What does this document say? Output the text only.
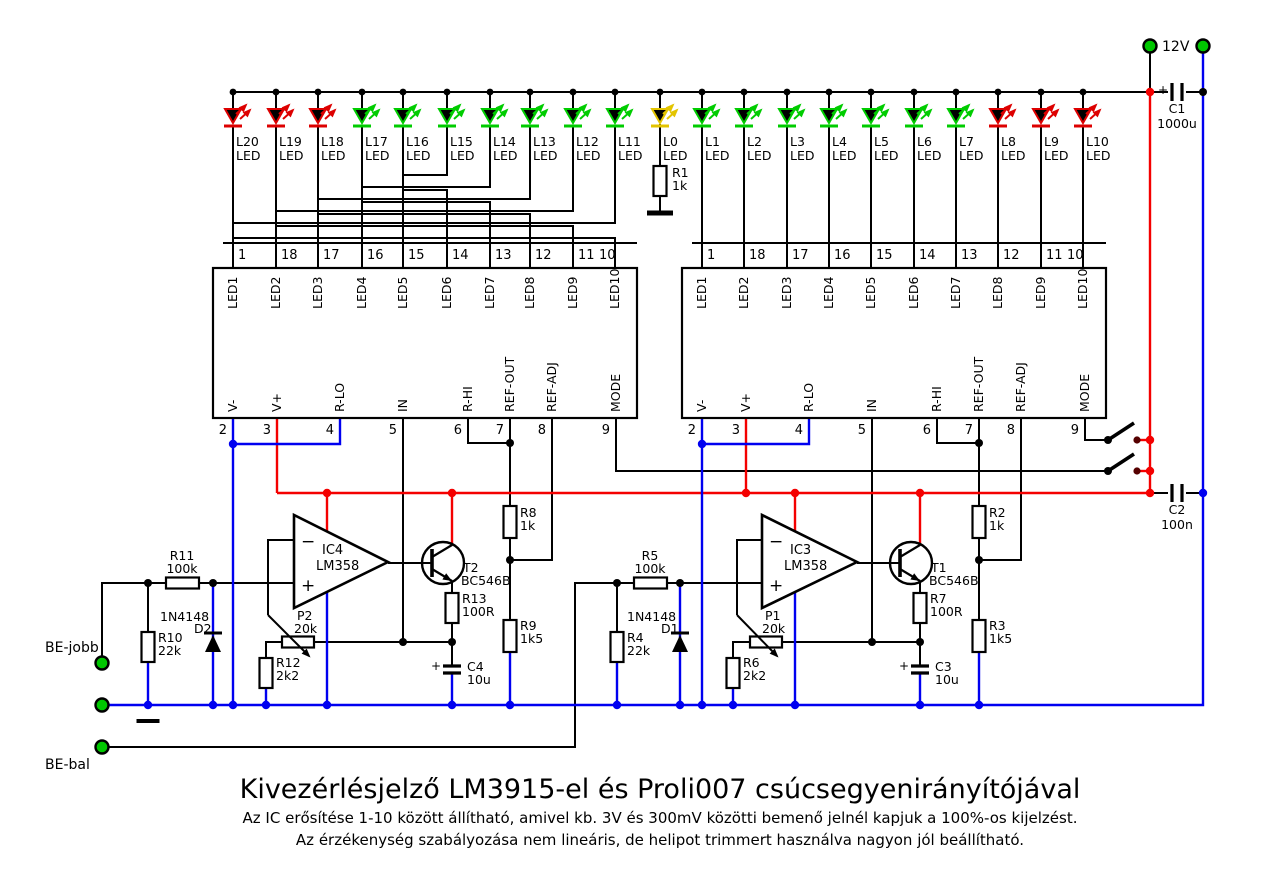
L20
LED
L19
LED
L18
LED
L17
LED
L16
LED
L15
LED
L14
LED
L13
LED
L12
LED
L11
LED
L0
LED
L1
LED
L2
LED
L3
LED
L4
LED
L5
LED
L6
LED
L7
LED
L8
LED
L9
LED
L10
LED
1
LED1
18
LED2
17
LED3
16
LED4
15
LED5
14
LED6
13
LED7
12
LED8
11
LED9
10
LED10
2
V-
3
V+
4
R-LO
5
IN
6
R-HI
7
REF-OUT
8
REF-ADJ
9
MODE
1
LED1
18
LED2
17
LED3
16
LED4
15
LED5
14
LED6
13
LED7
12
LED8
11
LED9
10
LED10
2
V-
3
V+
4
R-LO
5
IN
6
R-HI
7
REF-OUT
8
REF-ADJ
9
MODE
R1
1k
R8
1k
R9
1k5
R2
1k
R3
1k5
R13
100R
R7
100R
R10
22k
R4
22k
R12
2k2
R6
2k2
R11
100k
R5
100k
P2
20k
P1
20k
1N4148
D2
1N4148
D1
+
C1
1000u
C2
100n
+ C4
10u
+ C3
10u
T2
BC546B
T1
BC546B
−
+
IC4
LM358
−
+
IC3
LM358
12V
BE-jobb
BE-bal
Kivezérlésjelző LM3915-el és Proli007 csúcsegyenirányítójával
Az IC erősítése 1-10 között állítható, amivel kb. 3V és 300mV közötti bemenő jelnél kapjuk a 100%-os kijelzést.
Az érzékenység szabályozása nem lineáris, de helipot trimmert használva nagyon jól beállítható.
